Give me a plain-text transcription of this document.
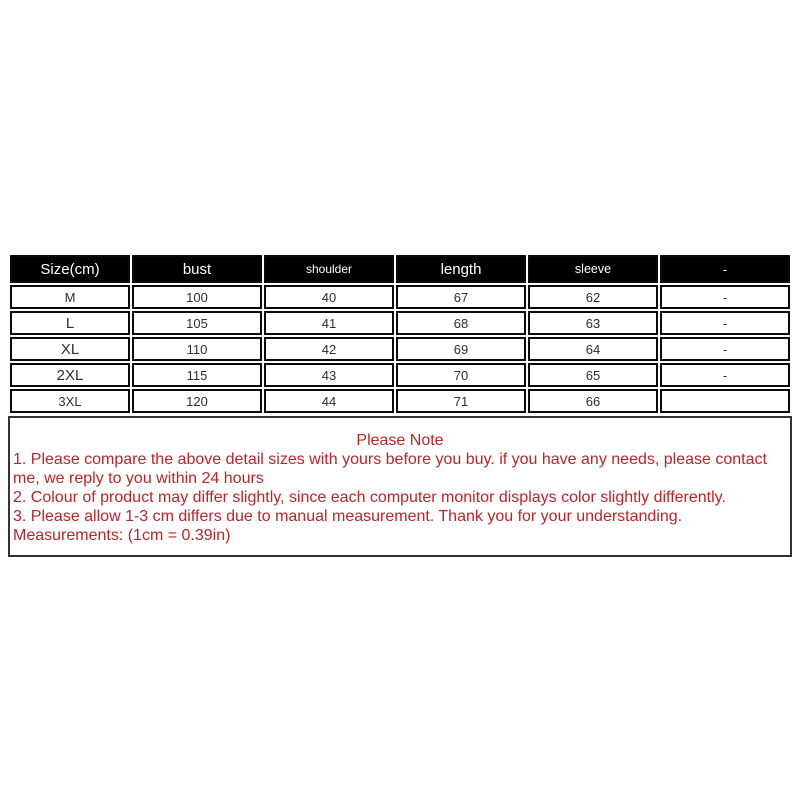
Size(cm)	bust	shoulder	length	sleeve	-
M	100	40	67	62	-
L	105	41	68	63	-
XL	110	42	69	64	-
2XL	115	43	70	65	-
3XL	120	44	71	66	
Please Note
1. Please compare the above detail sizes with yours before you buy. if you have any needs, please contact me, we reply to you within 24 hours
2. Colour of product may differ slightly, since each computer monitor displays color slightly differently.
3. Please allow 1-3 cm differs due to manual measurement. Thank you for your understanding.
Measurements: (1cm = 0.39in)
